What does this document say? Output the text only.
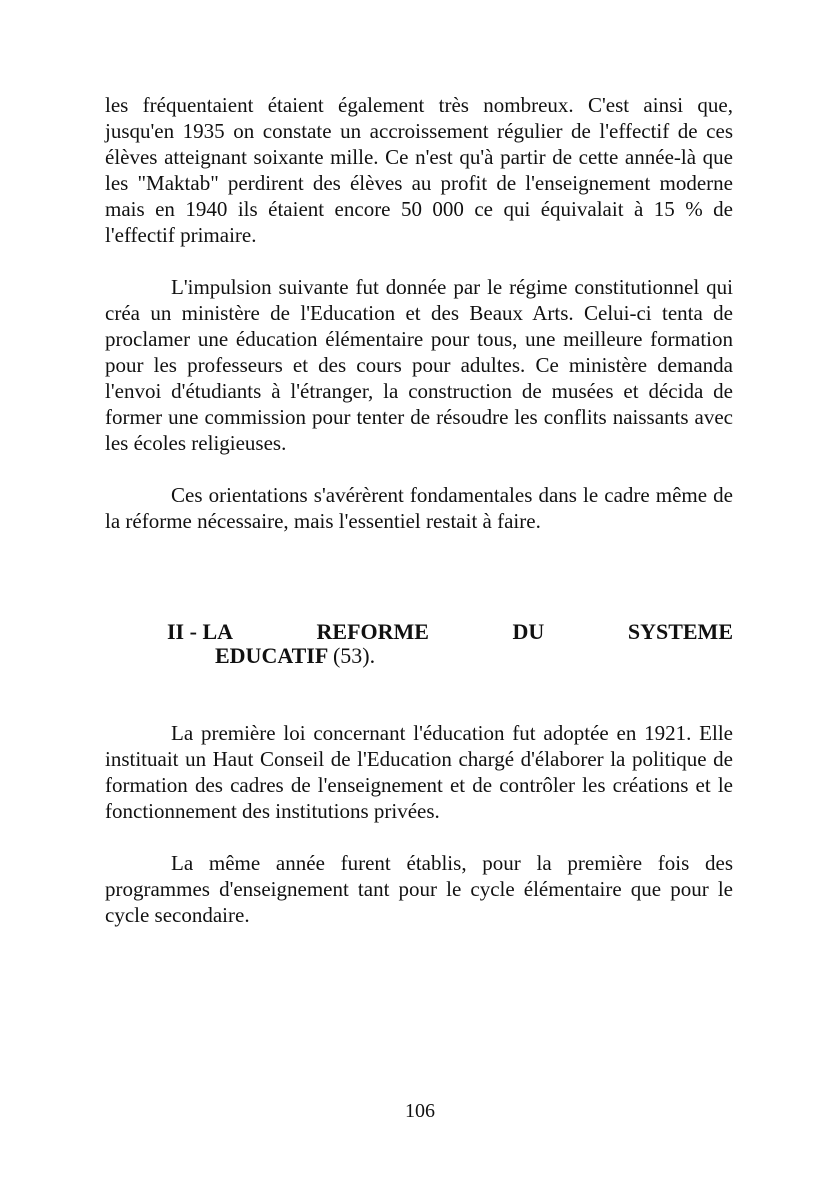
les fréquentaient étaient également très nombreux. C'est ainsi que, jusqu'en 1935 on constate un accroissement régulier de l'effectif de ces élèves atteignant soixante mille. Ce n'est qu'à partir de cette année-là que les "Maktab" perdirent des élèves au profit de l'enseignement moderne mais en 1940 ils étaient encore 50 000 ce qui équivalait à 15 % de l'effectif primaire.

L'impulsion suivante fut donnée par le régime constitutionnel qui créa un ministère de l'Education et des Beaux Arts. Celui-ci tenta de proclamer une éducation élémentaire pour tous, une meilleure formation pour les professeurs et des cours pour adultes. Ce ministère demanda l'envoi d'étudiants à l'étranger, la construction de musées et décida de former une commission pour tenter de résoudre les conflits naissants avec les écoles religieuses.

Ces orientations s'avérèrent fondamentales dans le cadre même de la réforme nécessaire, mais l'essentiel restait à faire.

II - LA	REFORME	DU	SYSTEME
EDUCATIF (53).

La première loi concernant l'éducation fut adoptée en 1921. Elle instituait un Haut Conseil de l'Education chargé d'élaborer la politique de formation des cadres de l'enseignement et de contrôler les créations et le fonctionnement des institutions privées.

La même année furent établis, pour la première fois des programmes d'enseignement tant pour le cycle élémentaire que pour le cycle secondaire.

106
